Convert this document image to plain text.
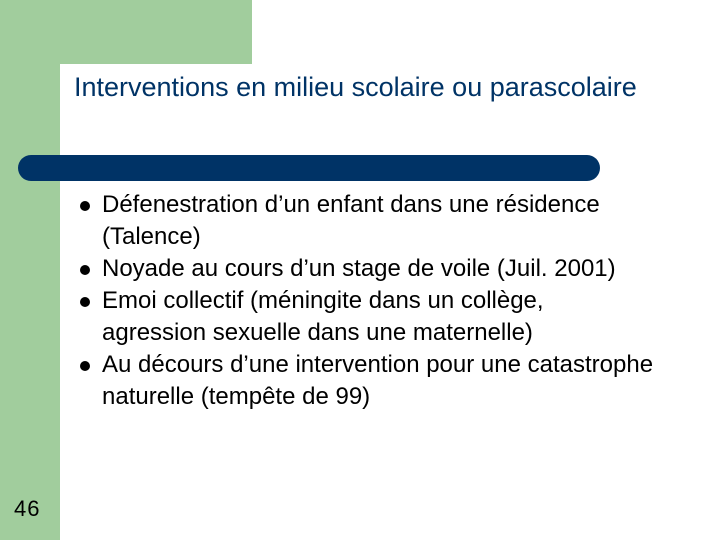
Interventions en milieu scolaire ou parascolaire
Défenestration d’un enfant dans une résidence (Talence)
Noyade au cours d’un stage de voile (Juil. 2001)
Emoi collectif (méningite dans un collège, agression sexuelle dans une maternelle)
Au décours d’une intervention pour une catastrophe naturelle (tempête de 99)
46
